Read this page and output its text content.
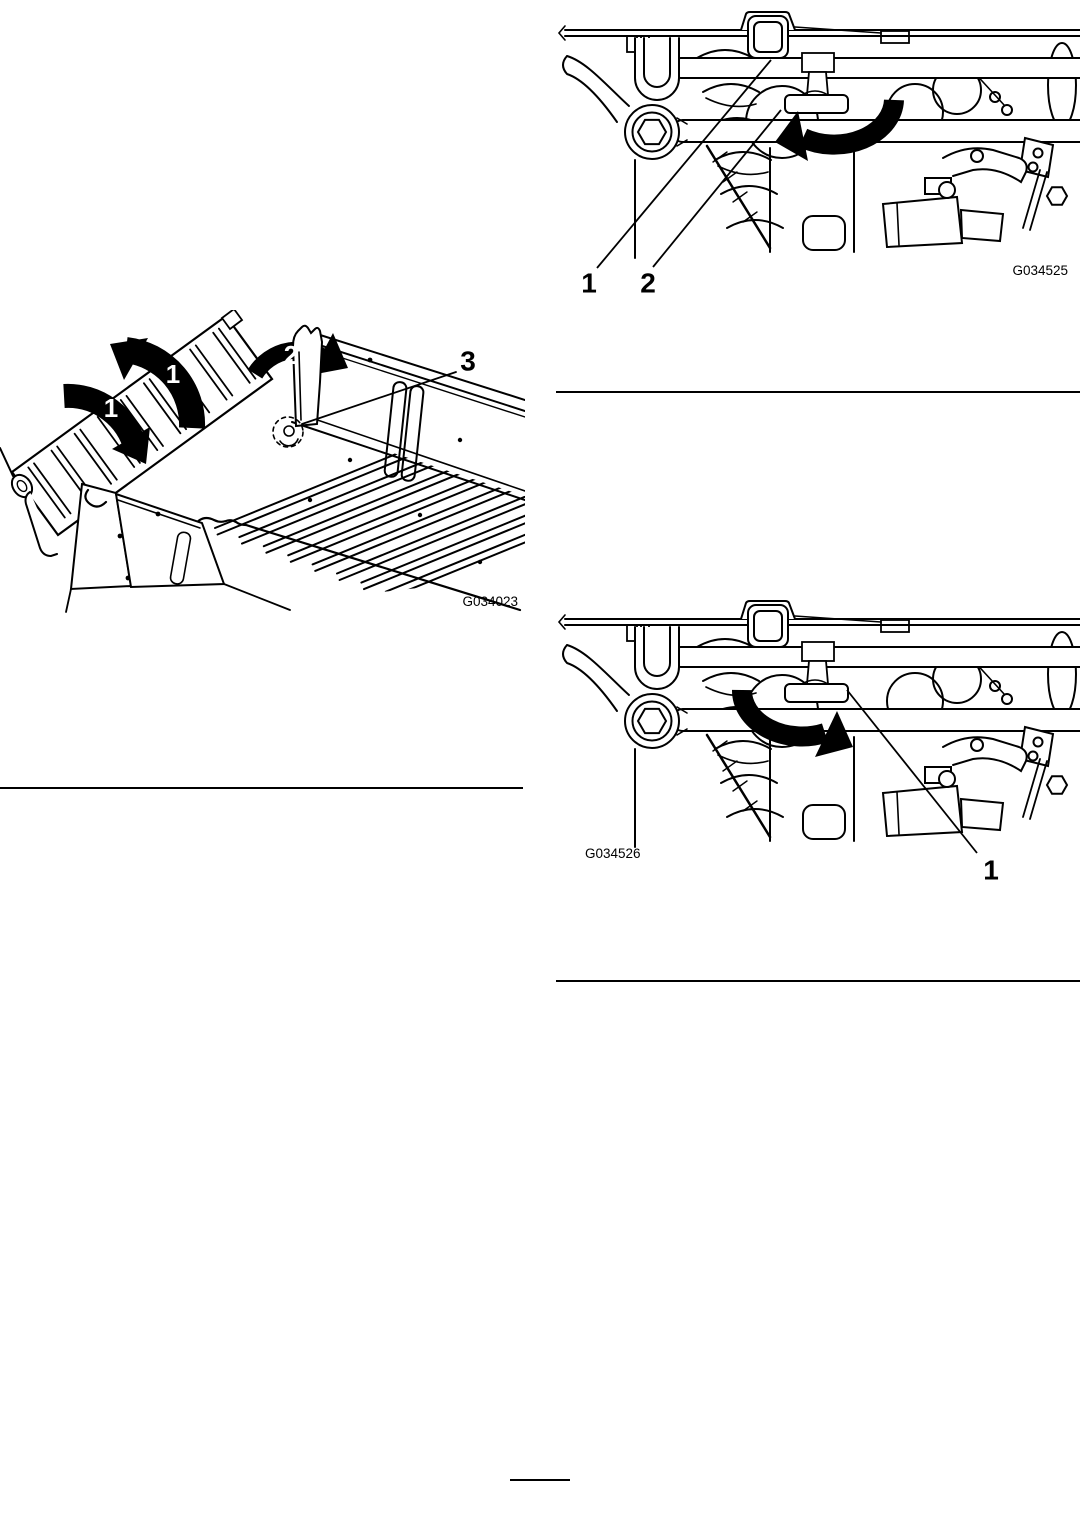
1
1
2	3
G034023
1 2	G034525
1
G034526
